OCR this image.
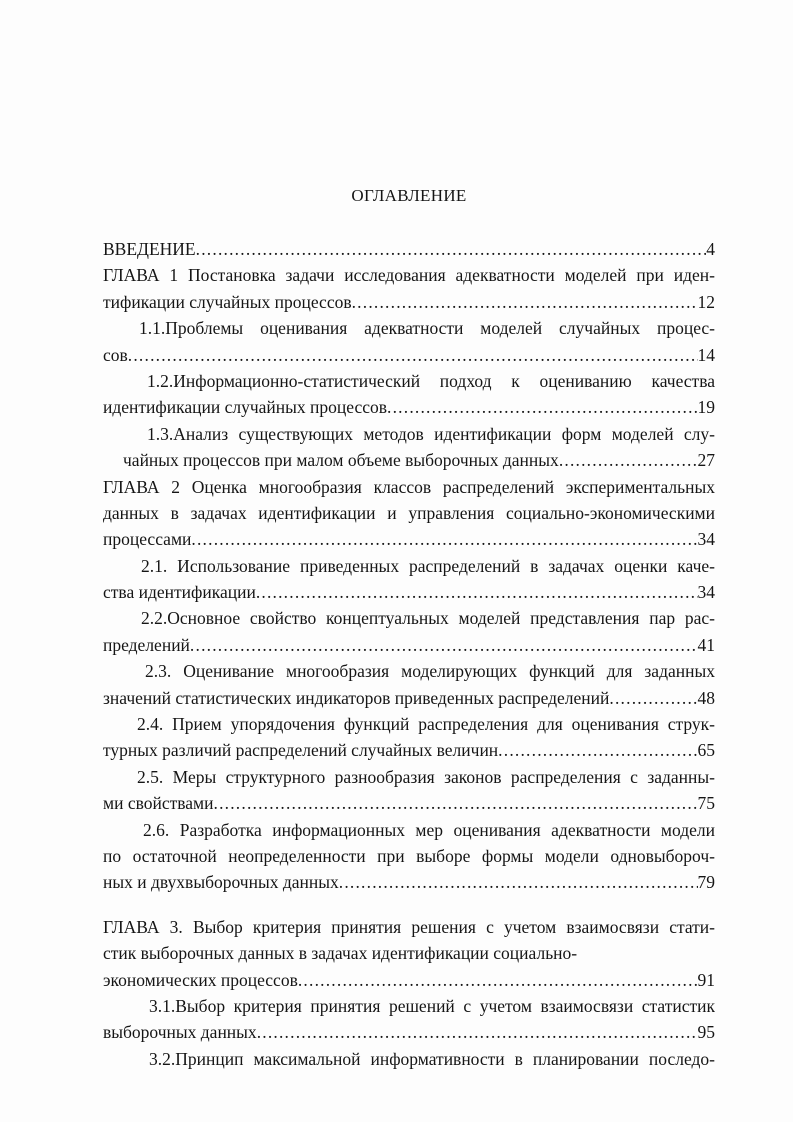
ОГЛАВЛЕНИЕ
ВВЕДЕНИЕ .....	4
ГЛАВА 1 Постановка задачи исследования адекватности моделей при иден-
тификации случайных процессов .....	12
1.1.Проблемы оценивания адекватности моделей случайных процес-
сов .....	14
1.2.Информационно-статистический подход к оцениванию качества
идентификации случайных процессов .....	19
1.3.Анализ существующих методов идентификации форм моделей слу-
чайных процессов при малом объеме выборочных данных .....	27
ГЛАВА 2 Оценка многообразия классов распределений экспериментальных
данных в задачах идентификации и управления социально-экономическими
процессами .....	34
2.1. Использование приведенных распределений в задачах оценки каче-
ства идентификации .....	34
2.2.Основное свойство концептуальных моделей представления пар рас-
пределений .....	41
2.3. Оценивание многообразия моделирующих функций для заданных
значений статистических индикаторов приведенных распределений .....	48
2.4. Прием упорядочения функций распределения для оценивания струк-
турных различий распределений случайных величин .....	65
2.5. Меры структурного разнообразия законов распределения с заданны-
ми свойствами .....	75
2.6. Разработка информационных мер оценивания адекватности модели
по остаточной неопределенности при выборе формы модели одновыбороч-
ных и двухвыборочных данных .....	79
ГЛАВА 3. Выбор критерия принятия решения с учетом взаимосвязи стати-
стик выборочных данных в задачах идентификации социально-
экономических процессов .....	91
3.1.Выбор критерия принятия решений с учетом взаимосвязи статистик
выборочных данных .....	95
3.2.Принцип максимальной информативности в планировании последо-
